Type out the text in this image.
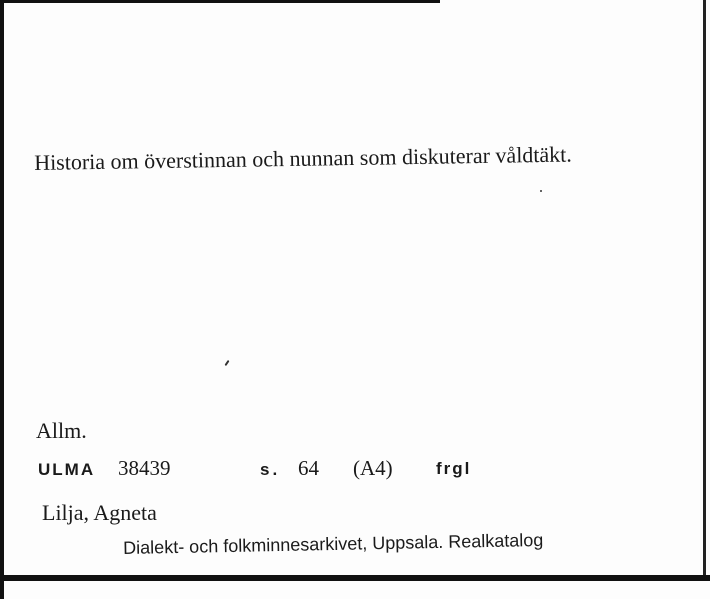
Historia om överstinnan och nunnan som diskuterar våldtäkt.
Allm.
ULMA 38439	s. 64 (A4)	frgl
Lilja, Agneta
Dialekt- och folkminnesarkivet, Uppsala. Realkatalog
